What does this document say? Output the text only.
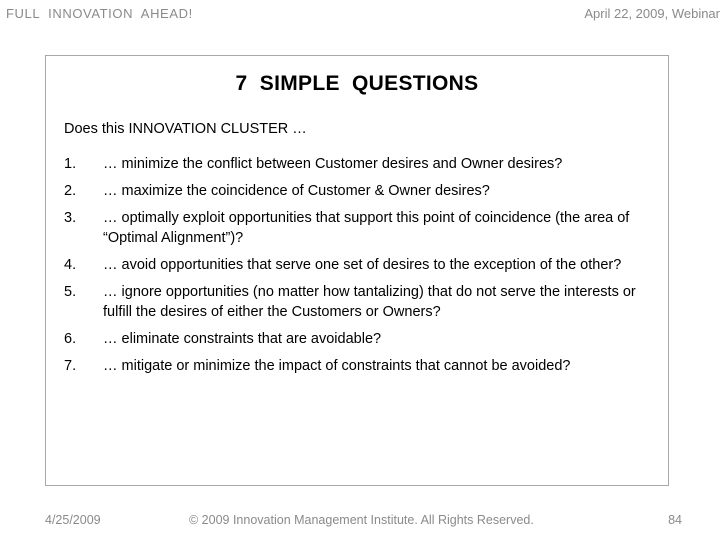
FULL  INNOVATION  AHEAD!	April 22, 2009, Webinar
7  SIMPLE  QUESTIONS
Does this INNOVATION CLUSTER …
1.	… minimize the conflict between Customer desires and Owner desires?
2.	… maximize the coincidence of Customer & Owner desires?
3.	… optimally exploit opportunities that support this point of coincidence (the area of “Optimal Alignment”)?
4.	… avoid opportunities that serve one set of desires to the exception of the other?
5.	… ignore opportunities (no matter how tantalizing) that do not serve the interests or fulfill the desires of either the Customers or Owners?
6.	… eliminate constraints that are avoidable?
7.	… mitigate or minimize the impact of constraints that cannot be avoided?
4/25/2009	© 2009 Innovation Management Institute. All Rights Reserved.	84
